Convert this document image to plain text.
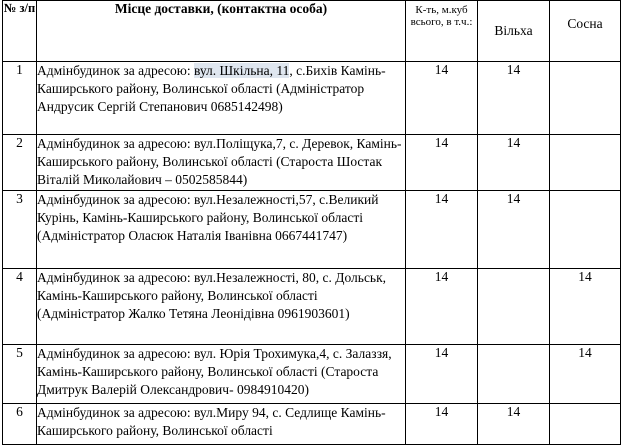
№ з/п	Місце доставки, (контактна особа)	К-ть, м.куб всього, в т.ч.:	Вільха	Сосна
1	Адмінбудинок за адресою: вул. Шкільна, 11, с.Бихів Камінь- Каширського району, Волинської області (Адміністратор Андрусик Сергій Степанович 0685142498)	14	14	
2	Адмінбудинок за адресою: вул.Поліщука,7, с. Деревок, Камінь- Каширського району, Волинської області (Староста Шостак Віталій Миколайович – 0502585844)	14	14	
3	Адмінбудинок за адресою: вул.Незалежності,57, с.Великий Курінь, Камінь-Каширського району, Волинської області (Адміністратор Оласюк Наталія Іванівна 0667441747)	14	14	
4	Адмінбудинок за адресою: вул.Незалежності, 80, с. Дольськ, Камінь-Каширського району, Волинської області (Адміністратор Жалко Тетяна Леонідівна 0961903601)	14		14
5	Адмінбудинок за адресою: вул. Юрія Трохимука,4, с. Залаззя, Камінь-Каширського району, Волинської області (Староста Дмитрук Валерій Олександрович- 0984910420)	14		14
6	Адмінбудинок за адресою: вул.Миру 94, с. Седлище Камінь- Каширського району, Волинської області	14	14	
